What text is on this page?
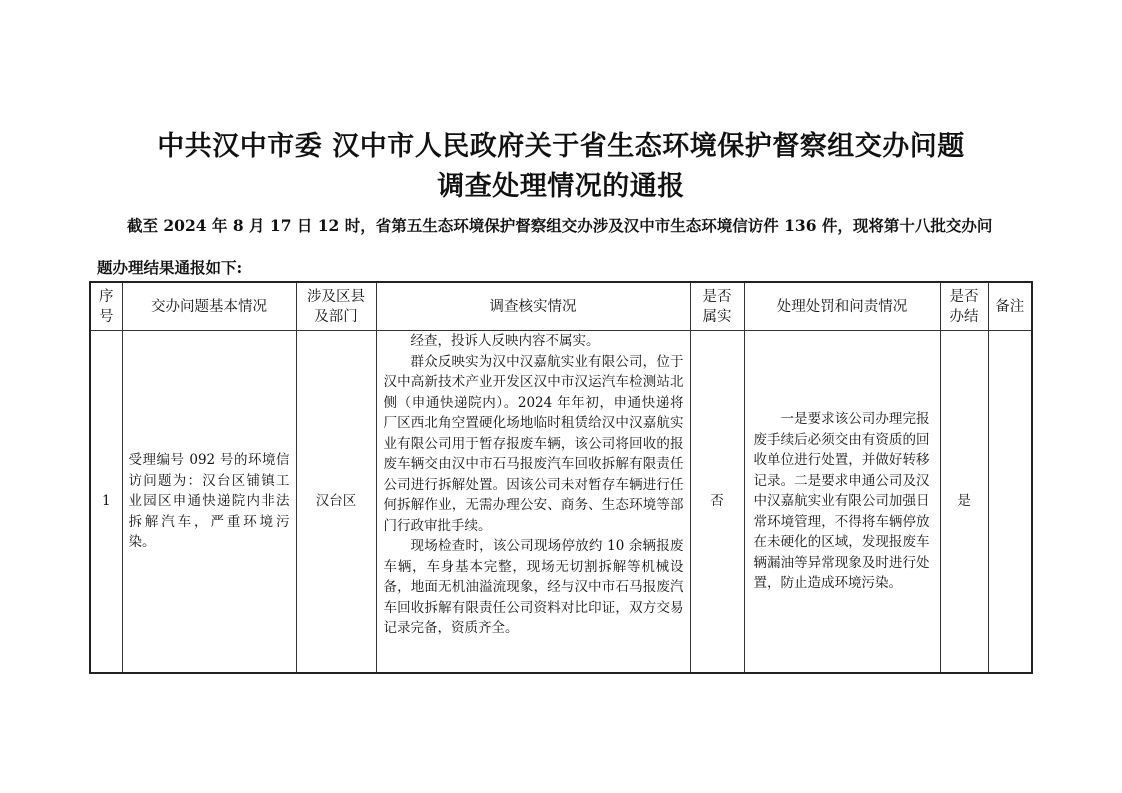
中共汉中市委 汉中市人民政府关于省生态环境保护督察组交办问题
调查处理情况的通报
截至 2024 年 8 月 17 日 12 时，省第五生态环境保护督察组交办涉及汉中市生态环境信访件 136 件，现将第十八批交办问
题办理结果通报如下:
序
号	交办问题基本情况	涉及区县
及部门	调查核实情况	是否
属实	处理处罚和问责情况	是否
办结	备注
1	受理编号 092 号的环境信访问题为：汉台区铺镇工业园区申通快递院内非法拆解汽车，严重环境污染。	汉台区	经查，投诉人反映内容不属实。
群众反映实为汉中汉嘉航实业有限公司，位于汉中高新技术产业开发区汉中市汉运汽车检测站北侧（申通快递院内）。2024 年年初，申通快递将厂区西北角空置硬化场地临时租赁给汉中汉嘉航实业有限公司用于暂存报废车辆，该公司将回收的报废车辆交由汉中市石马报废汽车回收拆解有限责任公司进行拆解处置。因该公司未对暂存车辆进行任何拆解作业，无需办理公安、商务、生态环境等部门行政审批手续。
现场检查时，该公司现场停放约 10 余辆报废车辆，车身基本完整，现场无切割拆解等机械设备，地面无机油溢流现象，经与汉中市石马报废汽车回收拆解有限责任公司资料对比印证，双方交易记录完备，资质齐全。	否	一是要求该公司办理完报废手续后必须交由有资质的回收单位进行处置，并做好转移记录。二是要求申通公司及汉中汉嘉航实业有限公司加强日常环境管理，不得将车辆停放在未硬化的区域，发现报废车辆漏油等异常现象及时进行处置，防止造成环境污染。	是	
